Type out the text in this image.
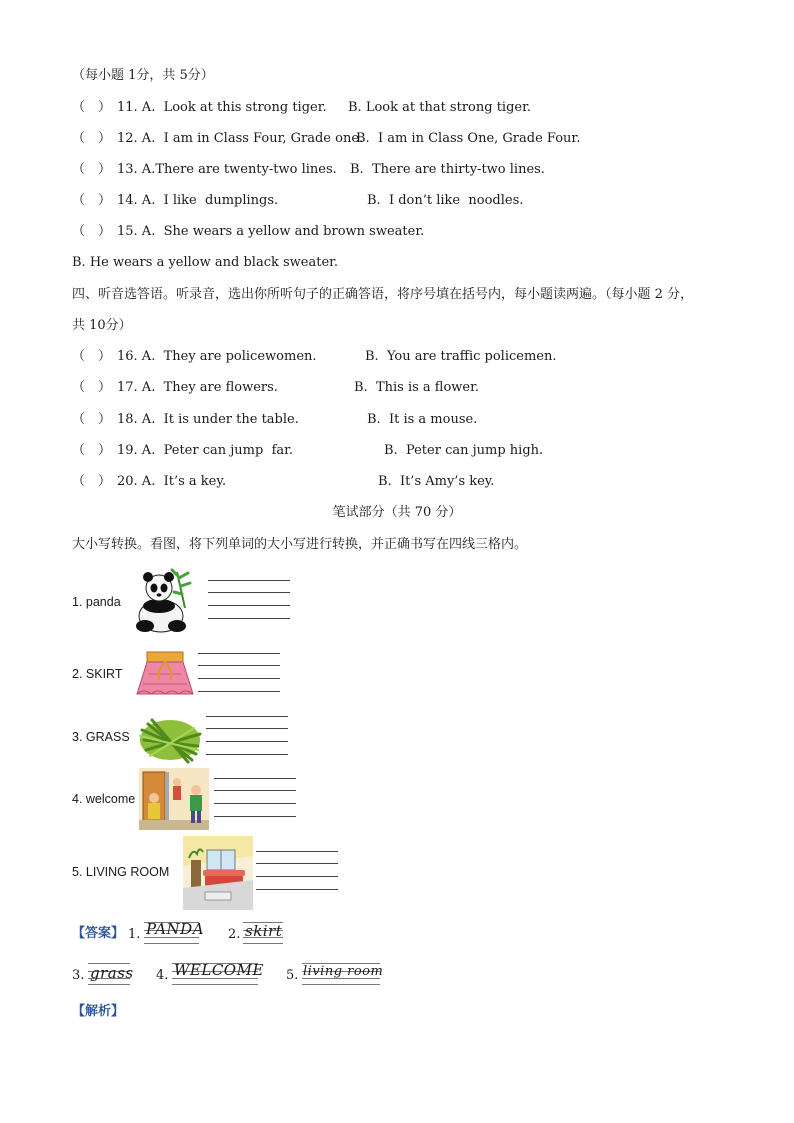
（每小题 1分，共 5分）
（　） 11. A.  Look at this strong tiger. B. Look at that strong tiger.
（　） 12. A.  I am in Class Four, Grade one.
B.  I am in Class One, Grade Four.
（　） 13. A.There are twenty-two lines. B.  There are thirty-two lines.
（　） 14. A.  I like  dumplings.	B.  I don’t like  noodles.
（　） 15. A.  She wears a yellow and brown sweater.
B. He wears a yellow and black sweater.
四、听音选答语。听录音，选出你所听句子的正确答语，将序号填在括号内，每小题读两遍。（每小题 2 分，
共 10分）
（　） 16. A.  They are policewomen.	B.  You are traffic policemen.
（　） 17. A.  They are flowers.	B.  This is a flower.
（　） 18. A.  It is under the table.	B.  It is a mouse.
（　） 19. A.  Peter can jump  far.	B.  Peter can jump high.
（　） 20. A.  It’s a key.	B.  It’s Amy’s key.
笔试部分（共 70 分）
大小写转换。看图，将下列单词的大小写进行转换，并正确书写在四线三格内。
1. panda
2. SKIRT
3. GRASS
4. welcome
5. LIVING ROOM
【答案】 1. PANDA 2. skirt
3. grass 4. WELCOME 5. living room
【解析】
